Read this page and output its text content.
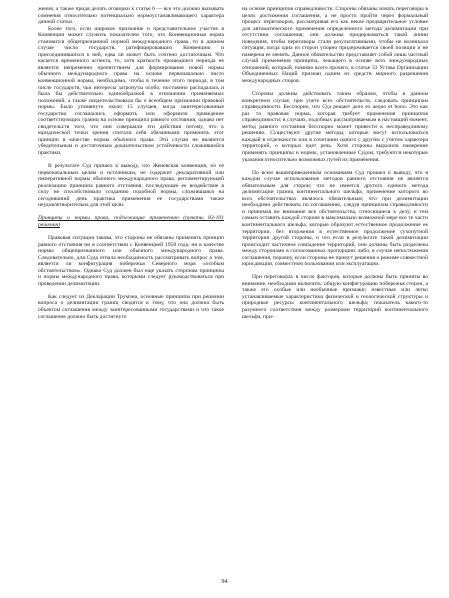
жения, а также придя делать оговорки к статье 6 — все это должно вызывать сомнения относительно потенциально нормоустанавливающего характера данной статьи.

Более того, если широкое признание и представительное участие в Конвенции может служить показателем того, что Конвенционная норма становится общепризнанной нормой международного права, то в данном случае число государств, ратифицировавших Конвенцию и присоединившихся к ней, едва ли может быть сочтено достаточным. Что касается временного аспекта, то, хотя краткость прошедшего периода не является непременно препятствием для формирования новой нормы обычного международного права на основе первоначально чисто конвенционной нормы, необходимо, чтобы в течение этого периода, в том числе государств, чьи интересы затронуты особо, постоянно распадалась и была бы действительно единообразной в отношении применяемых положений, а также свидетельствовала бы о всеобщем признании правовой нормы. Было упомянуто около 15 случаев, когда заинтересованные государства соглашались оформить или оформили приведение соответствующих границ на основе принципа равного отстояния, однако нет свидетельств того, что они совершали эти действия потому, что к юридической точки зрения считали себя обязанными применить этот принцип в качестве нормы обычного права. Эти случаи не являются убедительным и достаточным доказательством устойчивости сложившейся практики.

В результате Суд пришел к выводу, что Женевская конвенция, по ее первоначальным целям и источникам, не содержит декларативной или императивной нормы обычного международного права, регламентирующей реализацию принципа равного отстояния, последующее ее воздействие в силу не способствовало созданию подобной нормы, сложившаяся на сегодняшний день практика применения ее государствами также неудовлетворительна для этой цели.

Принципы и нормы права, подлежащие применению (пункты 83-101 решения)

Правовая ситуация такова, что стороны не обязаны применять принцип равного отстояния ни в соответствии с Конвенцией 1958 года, ни в качестве нормы общепризнанного или обычного международного права. Следовательно, для Суда отпала необходимость рассматривать вопрос о том, является ли конфигурация побережья Северного моря «особым обстоятельством». Однако Суд должен был еще указать сторонам принципы и нормы международного права, которыми следует руководствоваться при проведении делимитации.

Как следует из Декларации Трумэна, основные принципы при решении вопроса о делимитации границ сводятся к тому, что она должна быть объектом соглашения между заинтересованными государствами и что такое соглашение должно быть достигнуто

на основе принципов справедливости. Стороны обязаны начать переговоры в целях достижения соглашения, а не просто пройти через формальный процесс переговоров, рассматривая его как некое предварительное условие для автоматического применения определенного метода делимитации при отсутствии соглашения; они должны придерживаться такой линии поведения, чтобы переговоры стали результативными, чтобы не возникала ситуация, когда одна из сторон упорно придерживается своей позиции и не намерена ее менять. Данное обязательство представляет собой лишь частный случай применения принципа, лежащего в основе всех международных отношений, который, помимо всего прочего, в статье 33 Устава Организации Объединенных Наций признан одним из средств мирного разрешения международных споров.

Стороны должны действовать таким образом, чтобы в данном конкретном случае, при учете всех обстоятельств, следовать принципам справедливости. Бесспорно, что Суд решает дело ex aequo et bono. Это как раз та правовая норма, которая требует применения принципов справедливости; в случаях, подобных рассматриваемым в настоящий момент, метод равного отстояния бесспорно может привести к несправедливому решению. Существуют другие методы, которые могут использоваться каждый в отдельности или в сочетании одного с другим с учетом характера территорий, о которых идет речь. Хотя стороны выразили намерение применять принципы и нормы, установленные Судом, требуются некоторые указания относительно возможных путей их применения.

По всем вышеприведенным основаниям Суд пришел к выводу, что в каждом случае использование методов равного отстояния не является обязательным для сторон; что не имеется другого единого метода делимитации границ континентального шельфа, применение которого во всех обстоятельствах являлось обязательным; что при делимитации необходимо действовать по соглашению, следуя принципам справедливости и принимая во внимание все обстоятельства, относящиеся к делу, и тем самым оставить каждой стороне в максимально возможной мере все те части континентального шельфа, которые образуют естественное продолжение ее территории, без вторжения в естественное продолжение сухопутной территории другой стороны, и что если в результате такой делимитации происходит частичное совпадение территорий, они должны быть разделены между сторонами в согласованных пропорциях либо, в случае непостижения соглашения, поровну, если стороны не примут решения о режиме совместной юрисдикции, совместном пользовании или эксплуатации.

При переговорах в число факторов, которые должны быть приняты во внимание, необходимо включить: общую конфигурацию побережья сторон, а также его особые или необычные признаки; известные или легко устанавливаемые характеристики физической и геологической структуры и природные ресурсы континентального шельфа; показатель какого-то разумного соответствия между размерами территорий континентального шельфа, при-

94
